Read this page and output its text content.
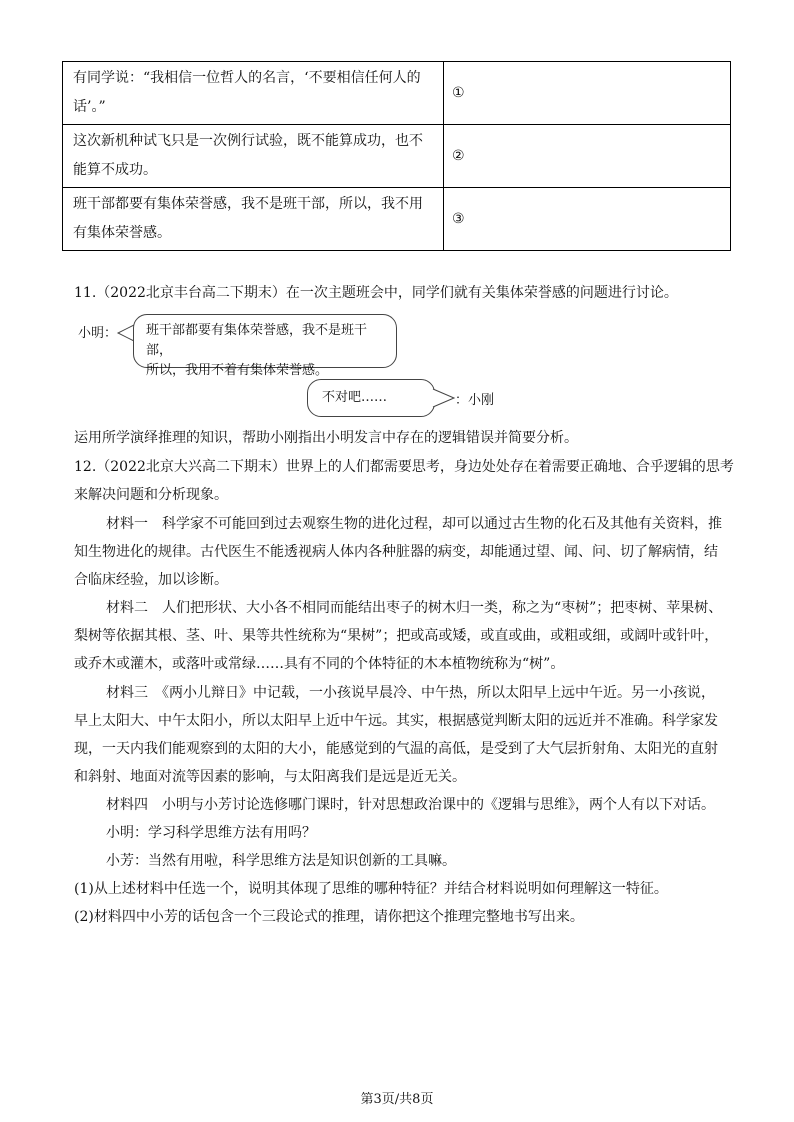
有同学说：“我相信一位哲人的名言，‘不要相信任何人的话’。”	①
这次新机种试飞只是一次例行试验，既不能算成功，也不能算不成功。	②
班干部都要有集体荣誉感，我不是班干部，所以，我不用有集体荣誉感。	③
11.（2022北京丰台高二下期末）在一次主题班会中，同学们就有关集体荣誉感的问题进行讨论。
小明： 班干部都要有集体荣誉感，我不是班干部，
所以，我用不着有集体荣誉感。
不对吧……	：小刚
运用所学演绎推理的知识，帮助小刚指出小明发言中存在的逻辑错误并简要分析。
12.（2022北京大兴高二下期末）世界上的人们都需要思考，身边处处存在着需要正确地、合乎逻辑的思考
来解决问题和分析现象。
材料一　科学家不可能回到过去观察生物的进化过程，却可以通过古生物的化石及其他有关资料，推
知生物进化的规律。古代医生不能透视病人体内各种脏器的病变，却能通过望、闻、问、切了解病情，结
合临床经验，加以诊断。
材料二　人们把形状、大小各不相同而能结出枣子的树木归一类，称之为“枣树”；把枣树、苹果树、
梨树等依据其根、茎、叶、果等共性统称为“果树”；把或高或矮，或直或曲，或粗或细，或阔叶或针叶，
或乔木或灌木，或落叶或常绿……具有不同的个体特征的木本植物统称为“树”。
材料三　《两小儿辩日》中记载，一小孩说早晨冷、中午热，所以太阳早上远中午近。另一小孩说，
早上太阳大、中午太阳小，所以太阳早上近中午远。其实，根据感觉判断太阳的远近并不准确。科学家发
现，一天内我们能观察到的太阳的大小，能感觉到的气温的高低，是受到了大气层折射角、太阳光的直射
和斜射、地面对流等因素的影响，与太阳离我们是远是近无关。
材料四　小明与小芳讨论选修哪门课时，针对思想政治课中的《逻辑与思维》，两个人有以下对话。
小明：学习科学思维方法有用吗？
小芳：当然有用啦，科学思维方法是知识创新的工具嘛。
(1)从上述材料中任选一个，说明其体现了思维的哪种特征？并结合材料说明如何理解这一特征。
(2)材料四中小芳的话包含一个三段论式的推理，请你把这个推理完整地书写出来。
第3页/共8页
